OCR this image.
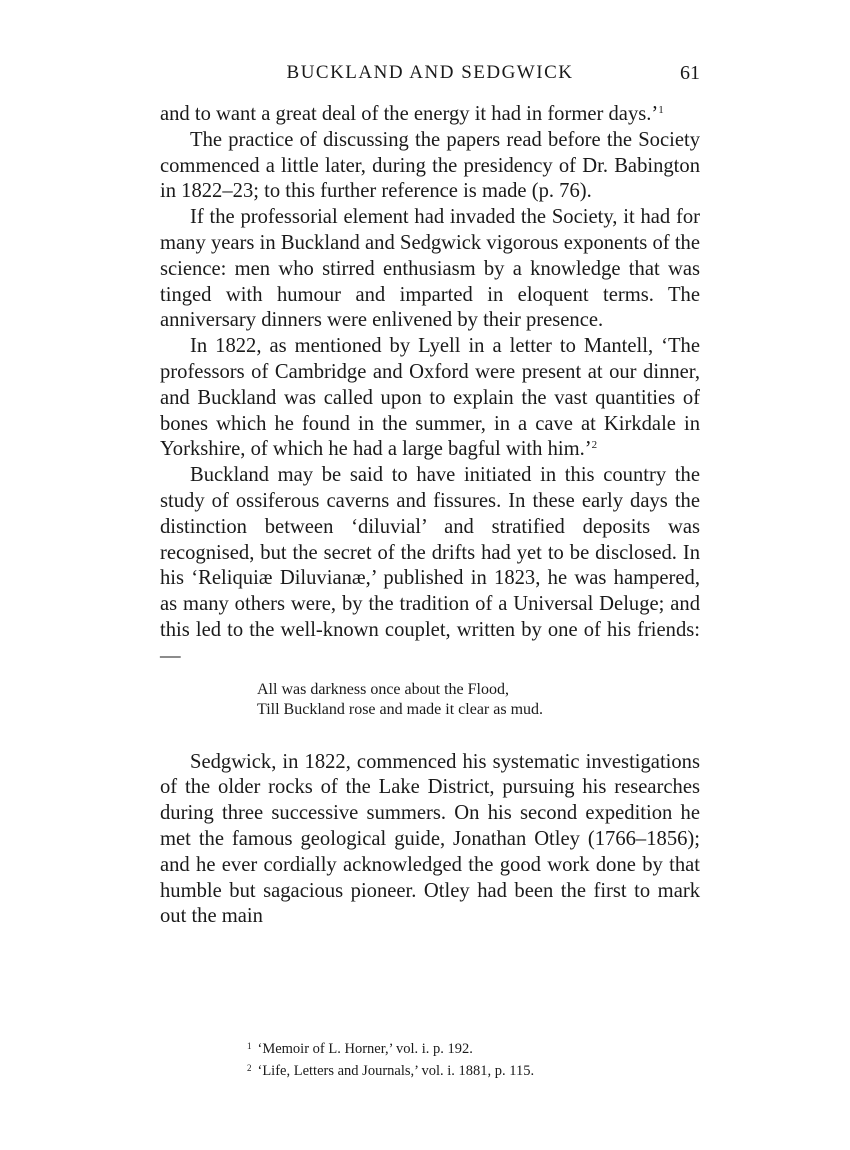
BUCKLAND AND SEDGWICK	61

and to want a great deal of the energy it had in former days.’$^1$

The practice of discussing the papers read before the Society commenced a little later, during the presidency of Dr. Babington in 1822–23; to this further reference is made (p. 76).

If the professorial element had invaded the Society, it had for many years in Buckland and Sedgwick vigorous exponents of the science: men who stirred enthusiasm by a knowledge that was tinged with humour and imparted in eloquent terms. The anniversary dinners were enlivened by their presence.

In 1822, as mentioned by Lyell in a letter to Mantell, ‘The professors of Cambridge and Oxford were present at our dinner, and Buckland was called upon to explain the vast quantities of bones which he found in the summer, in a cave at Kirkdale in Yorkshire, of which he had a large bagful with him.’$^2$

Buckland may be said to have initiated in this country the study of ossiferous caverns and fissures. In these early days the distinction between ‘diluvial’ and stratified deposits was recognised, but the secret of the drifts had yet to be disclosed. In his ‘Reliquiæ Diluvianæ,’ published in 1823, he was hampered, as many others were, by the tradition of a Universal Deluge; and this led to the well-known couplet, written by one of his friends:—

All was darkness once about the Flood,
Till Buckland rose and made it clear as mud.

Sedgwick, in 1822, commenced his systematic investigations of the older rocks of the Lake District, pursuing his researches during three successive summers. On his second expedition he met the famous geological guide, Jonathan Otley (1766–1856); and he ever cordially acknowledged the good work done by that humble but sagacious pioneer. Otley had been the first to mark out the main

$^1$ ‘Memoir of L. Horner,’ vol. i. p. 192.
$^2$ ‘Life, Letters and Journals,’ vol. i. 1881, p. 115.
